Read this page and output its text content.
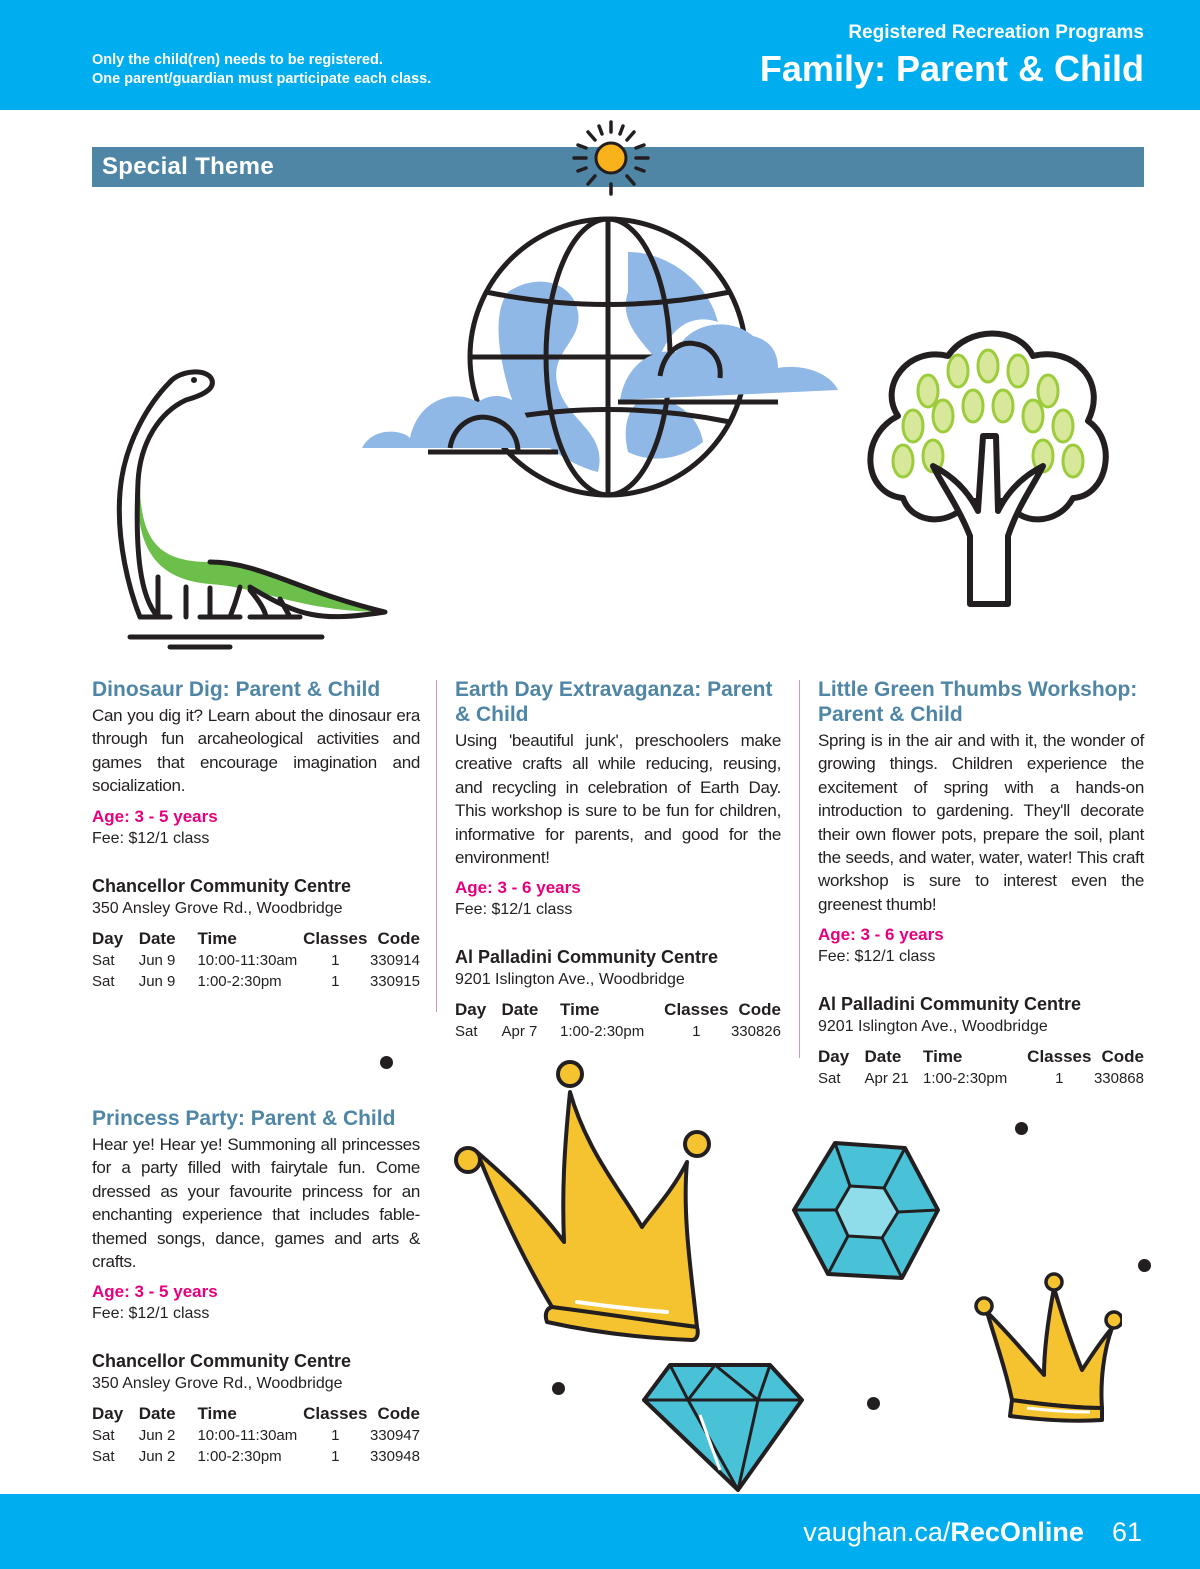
Only the child(ren) needs to be registered.
One parent/guardian must participate each class.
Registered Recreation Programs
Family: Parent & Child
Special Theme
Dinosaur Dig: Parent & Child
Can you dig it? Learn about the dinosaur era through fun arcaheological activities and games that encourage imagination and socialization.
Age: 3 - 5 years
Fee: $12/1 class
Chancellor Community Centre
350 Ansley Grove Rd., Woodbridge
Day	Date	Time	Classes	Code
Sat	Jun 9	10:00-11:30am	1	330914
Sat	Jun 9	1:00-2:30pm	1	330915
Earth Day Extravaganza: Parent & Child
Using 'beautiful junk', preschoolers make creative crafts all while reducing, reusing, and recycling in celebration of Earth Day. This workshop is sure to be fun for children, informative for parents, and good for the environment!
Age: 3 - 6 years
Fee: $12/1 class
Al Palladini Community Centre
9201 Islington Ave., Woodbridge
Day	Date	Time	Classes	Code
Sat	Apr 7	1:00-2:30pm	1	330826
Little Green Thumbs Workshop: Parent & Child
Spring is in the air and with it, the wonder of growing things. Children experience the excitement of spring with a hands-on introduction to gardening. They'll decorate their own flower pots, prepare the soil, plant the seeds, and water, water, water! This craft workshop is sure to interest even the greenest thumb!
Age: 3 - 6 years
Fee: $12/1 class
Al Palladini Community Centre
9201 Islington Ave., Woodbridge
Day	Date	Time	Classes	Code
Sat	Apr 21	1:00-2:30pm	1	330868
Princess Party: Parent & Child
Hear ye! Hear ye! Summoning all princesses for a party filled with fairytale fun. Come dressed as your favourite princess for an enchanting experience that includes fable-themed songs, dance, games and arts & crafts.
Age: 3 - 5 years
Fee: $12/1 class
Chancellor Community Centre
350 Ansley Grove Rd., Woodbridge
Day	Date	Time	Classes	Code
Sat	Jun 2	10:00-11:30am	1	330947
Sat	Jun 2	1:00-2:30pm	1	330948
vaughan.ca/RecOnline 61
